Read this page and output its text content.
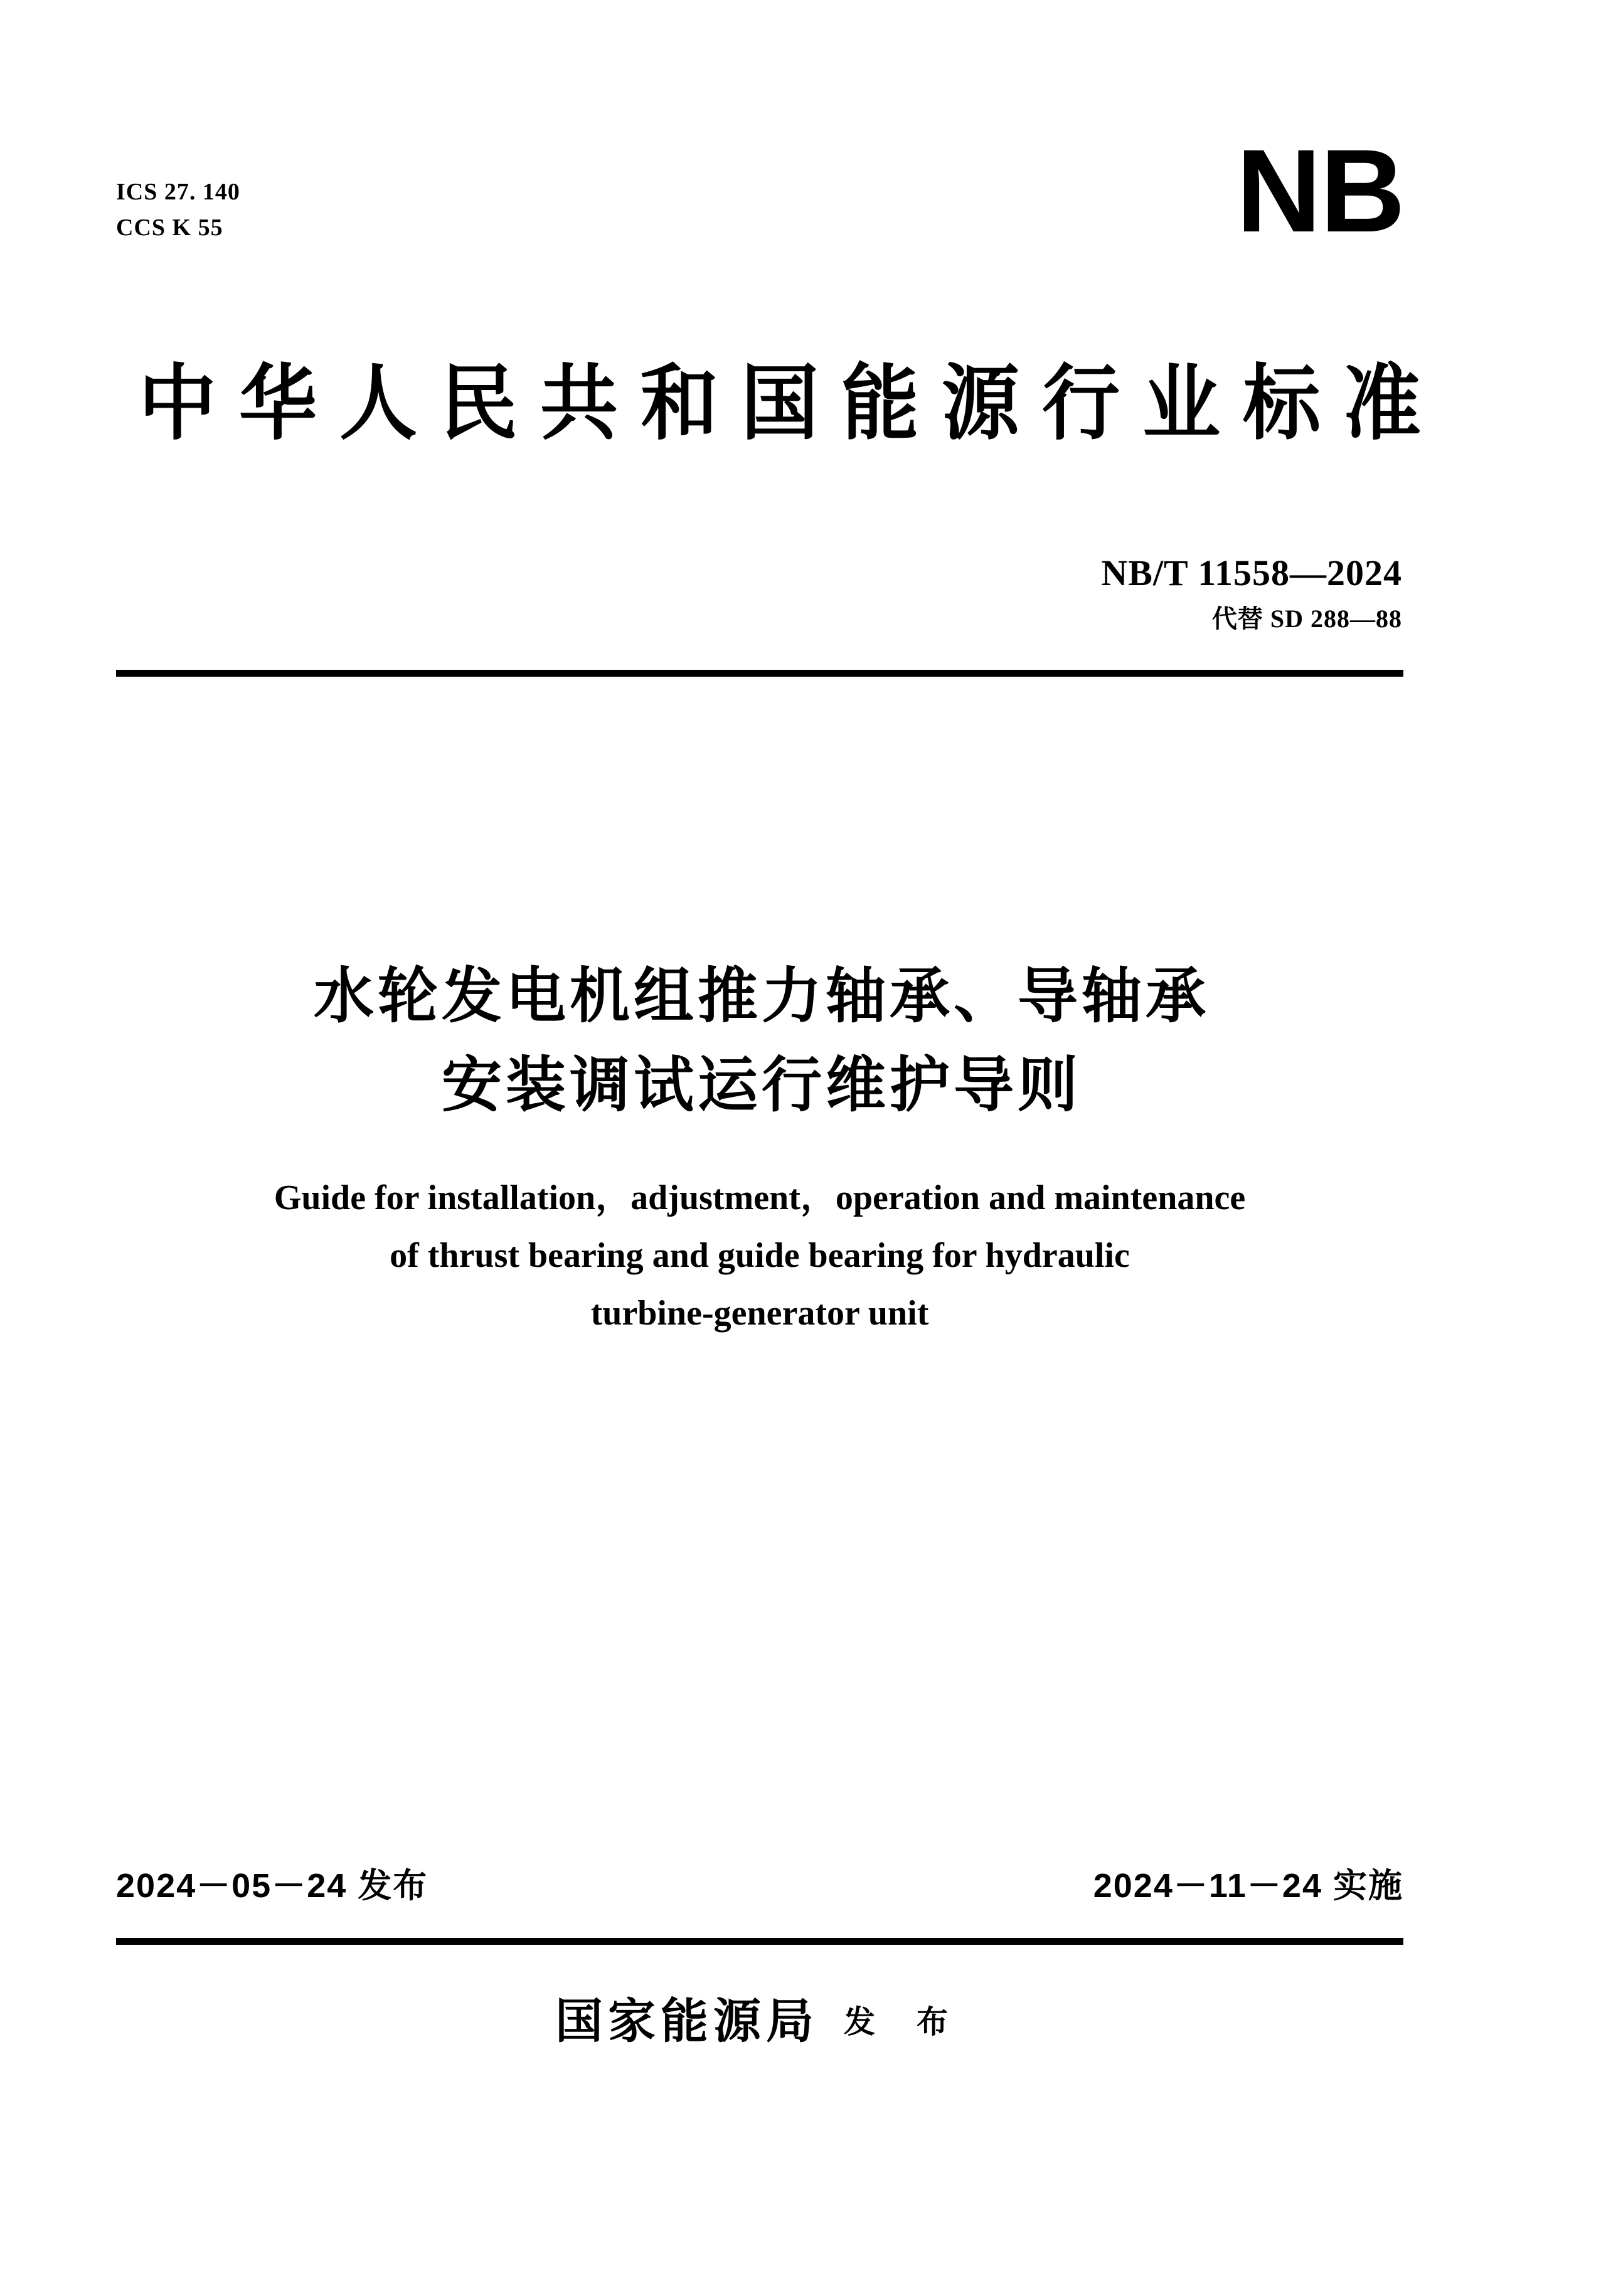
ICS 27. 140
CCS K 55	NB
中华人民共和国能源行业标准
NB/T 11558—2024
代替 SD 288—88
水轮发电机组推力轴承、导轴承
安装调试运行维护导则
Guide for installation，adjustment，operation and maintenance
of thrust bearing and guide bearing for hydraulic
turbine-generator unit
2024－05－24 发布	2024－11－24 实施
国家能源局 发 布
